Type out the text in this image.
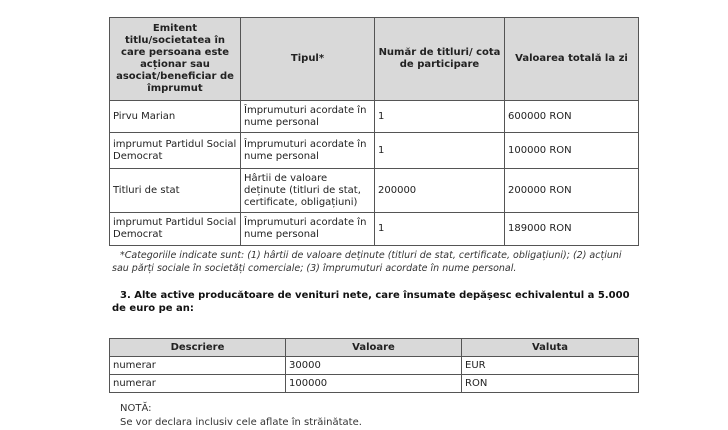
Emitent titlu/societatea în care persoana este acționar sau asociat/beneficiar de împrumut	Tipul*	Număr de titluri/ cota de participare	Valoarea totală la zi
Pirvu Marian	Împrumuturi acordate în nume personal	1	600000 RON
imprumut Partidul Social Democrat	Împrumuturi acordate în nume personal	1	100000 RON
Titluri de stat	Hârtii de valoare deținute (titluri de stat, certificate, obligațiuni)	200000	200000 RON
imprumut Partidul Social Democrat	Împrumuturi acordate în nume personal	1	189000 RON
*Categoriile indicate sunt: (1) hârtii de valoare deținute (titluri de stat, certificate, obligațiuni); (2) acțiuni sau părți sociale în societăți comerciale; (3) împrumuturi acordate în nume personal.
3. Alte active producătoare de venituri nete, care însumate depășesc echivalentul a 5.000 de euro pe an:
Descriere	Valoare	Valuta
numerar	30000	EUR
numerar	100000	RON
NOTĂ:
Se vor declara inclusiv cele aflate în străinătate.
